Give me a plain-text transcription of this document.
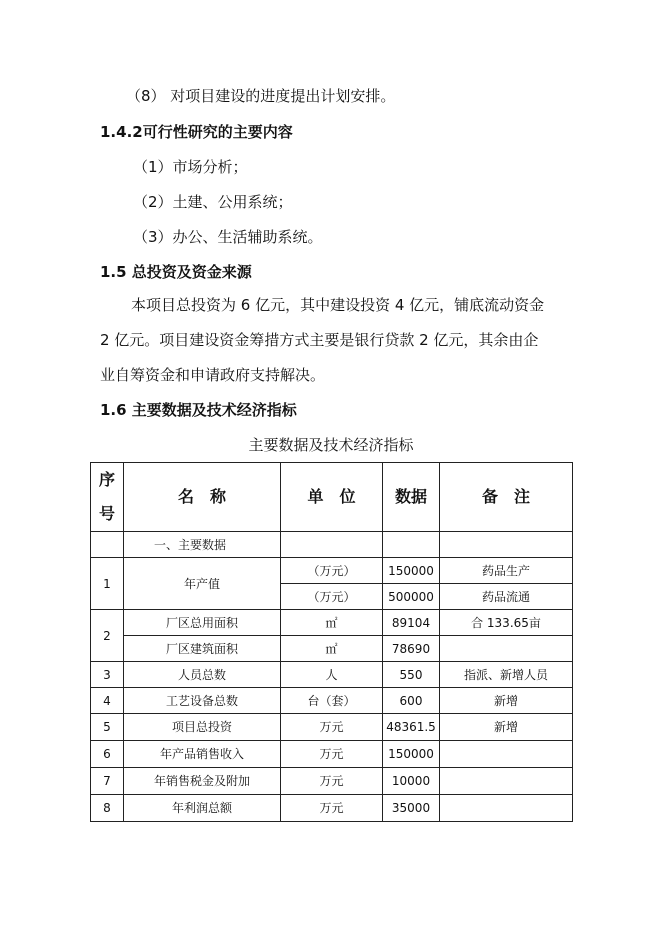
（8） 对项目建设的进度提出计划安排。
1.4.2可行性研究的主要内容
（1）市场分析；
（2）土建、公用系统；
（3）办公、生活辅助系统。
1.5 总投资及资金来源
本项目总投资为 6 亿元，其中建设投资 4 亿元，铺底流动资金
2 亿元。项目建设资金筹措方式主要是银行贷款 2 亿元，其余由企
业自筹资金和申请政府支持解决。
1.6 主要数据及技术经济指标
主要数据及技术经济指标
序
号	名　称	单　位	数据	备　注
	一、主要数据			
1	年产值	（万元）	150000	药品生产
		（万元）	500000	药品流通
2	厂区总用面积	㎡	89104	合 133.65亩
	厂区建筑面积	㎡	78690	
3	人员总数	人	550	指派、新增人员
4	工艺设备总数	台（套）	600	新增
5	项目总投资	万元	48361.5	新增
6	年产品销售收入	万元	150000	
7	年销售税金及附加	万元	10000	
8	年利润总额	万元	35000	
